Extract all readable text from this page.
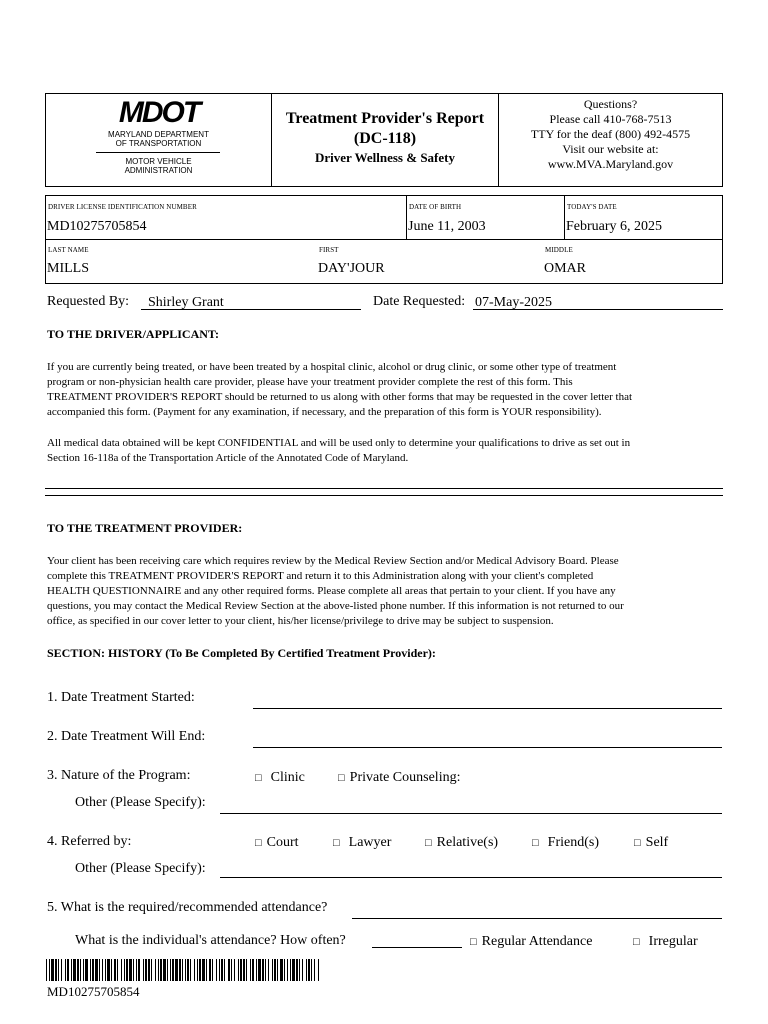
MDOT
MARYLAND DEPARTMENT
OF TRANSPORTATION
MOTOR VEHICLE
ADMINISTRATION
Treatment Provider's Report
(DC-118)
Driver Wellness & Safety
Questions?
Please call 410-768-7513
TTY for the deaf (800) 492-4575
Visit our website at:
www.MVA.Maryland.gov
DRIVER LICENSE IDENTIFICATION NUMBER
MD10275705854
DATE OF BIRTH
June 11, 2003
TODAY'S DATE
February 6, 2025
LAST NAME
MILLS
FIRST
DAY'JOUR
MIDDLE
OMAR
Requested By:	Shirley Grant	Date Requested: 07-May-2025
TO THE DRIVER/APPLICANT:
If you are currently being treated, or have been treated by a hospital clinic, alcohol or drug clinic, or some other type of treatment
program or non-physician health care provider, please have your treatment provider complete the rest of this form. This
TREATMENT PROVIDER'S REPORT should be returned to us along with other forms that may be requested in the cover letter that
accompanied this form. (Payment for any examination, if necessary, and the preparation of this form is YOUR responsibility).
All medical data obtained will be kept CONFIDENTIAL and will be used only to determine your qualifications to drive as set out in
Section 16-118a of the Transportation Article of the Annotated Code of Maryland.
TO THE TREATMENT PROVIDER:
Your client has been receiving care which requires review by the Medical Review Section and/or Medical Advisory Board. Please
complete this TREATMENT PROVIDER'S REPORT and return it to this Administration along with your client's completed
HEALTH QUESTIONNAIRE and any other required forms. Please complete all areas that pertain to your client. If you have any
questions, you may contact the Medical Review Section at the above-listed phone number. If this information is not returned to our
office, as specified in our cover letter to your client, his/her license/privilege to drive may be subject to suspension.
SECTION: HISTORY (To Be Completed By Certified Treatment Provider):
1. Date Treatment Started:
2. Date Treatment Will End:
3. Nature of the Program:	□ Clinic	□ Private Counseling:
Other (Please Specify):
4. Referred by:	□ Court	□ Lawyer	□ Relative(s)	□ Friend(s)	□ Self
Other (Please Specify):
5. What is the required/recommended attendance?
What is the individual's attendance? How often?	□ Regular Attendance	□ Irregular
MD10275705854
